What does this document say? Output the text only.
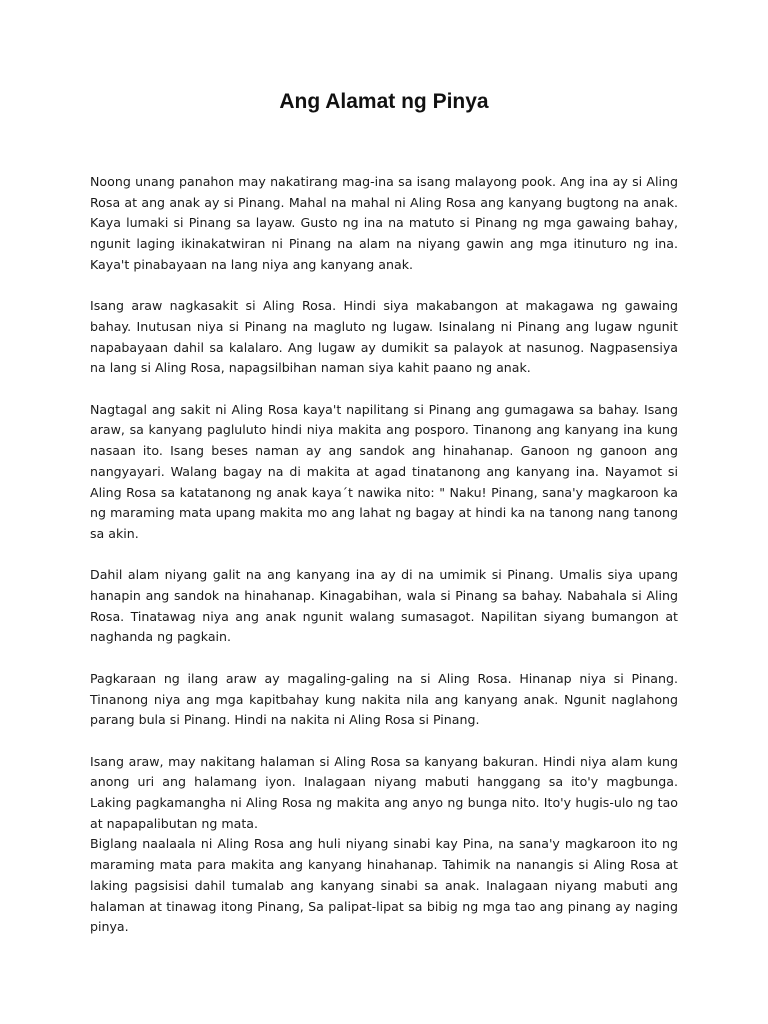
Ang Alamat ng Pinya

Noong unang panahon may nakatirang mag-ina sa isang malayong pook. Ang ina ay si Aling Rosa at ang anak ay si Pinang. Mahal na mahal ni Aling Rosa ang kanyang bugtong na anak. Kaya lumaki si Pinang sa layaw. Gusto ng ina na matuto si Pinang ng mga gawaing bahay, ngunit laging ikinakatwiran ni Pinang na alam na niyang gawin ang mga itinuturo ng ina. Kaya't pinabayaan na lang niya ang kanyang anak.

Isang araw nagkasakit si Aling Rosa. Hindi siya makabangon at makagawa ng gawaing bahay. Inutusan niya si Pinang na magluto ng lugaw. Isinalang ni Pinang ang lugaw ngunit napabayaan dahil sa kalalaro. Ang lugaw ay dumikit sa palayok at nasunog. Nagpasensiya na lang si Aling Rosa, napagsilbihan naman siya kahit paano ng anak.

Nagtagal ang sakit ni Aling Rosa kaya't napilitang si Pinang ang gumagawa sa bahay. Isang araw, sa kanyang pagluluto hindi niya makita ang posporo. Tinanong ang kanyang ina kung nasaan ito. Isang beses naman ay ang sandok ang hinahanap. Ganoon ng ganoon ang nangyayari. Walang bagay na di makita at agad tinatanong ang kanyang ina. Nayamot si Aling Rosa sa katatanong ng anak kaya´t nawika nito: " Naku! Pinang, sana'y magkaroon ka ng maraming mata upang makita mo ang lahat ng bagay at hindi ka na tanong nang tanong sa akin.

Dahil alam niyang galit na ang kanyang ina ay di na umimik si Pinang. Umalis siya upang hanapin ang sandok na hinahanap. Kinagabihan, wala si Pinang sa bahay. Nabahala si Aling Rosa. Tinatawag niya ang anak ngunit walang sumasagot. Napilitan siyang bumangon at naghanda ng pagkain.

Pagkaraan ng ilang araw ay magaling-galing na si Aling Rosa. Hinanap niya si Pinang. Tinanong niya ang mga kapitbahay kung nakita nila ang kanyang anak. Ngunit naglahong parang bula si Pinang. Hindi na nakita ni Aling Rosa si Pinang.

Isang araw, may nakitang halaman si Aling Rosa sa kanyang bakuran. Hindi niya alam kung anong uri ang halamang iyon. Inalagaan niyang mabuti hanggang sa ito'y magbunga. Laking pagkamangha ni Aling Rosa ng makita ang anyo ng bunga nito. Ito'y hugis-ulo ng tao at napapalibutan ng mata.

Biglang naalaala ni Aling Rosa ang huli niyang sinabi kay Pina, na sana'y magkaroon ito ng maraming mata para makita ang kanyang hinahanap. Tahimik na nanangis si Aling Rosa at laking pagsisisi dahil tumalab ang kanyang sinabi sa anak. Inalagaan niyang mabuti ang halaman at tinawag itong Pinang, Sa palipat-lipat sa bibig ng mga tao ang pinang ay naging pinya.
